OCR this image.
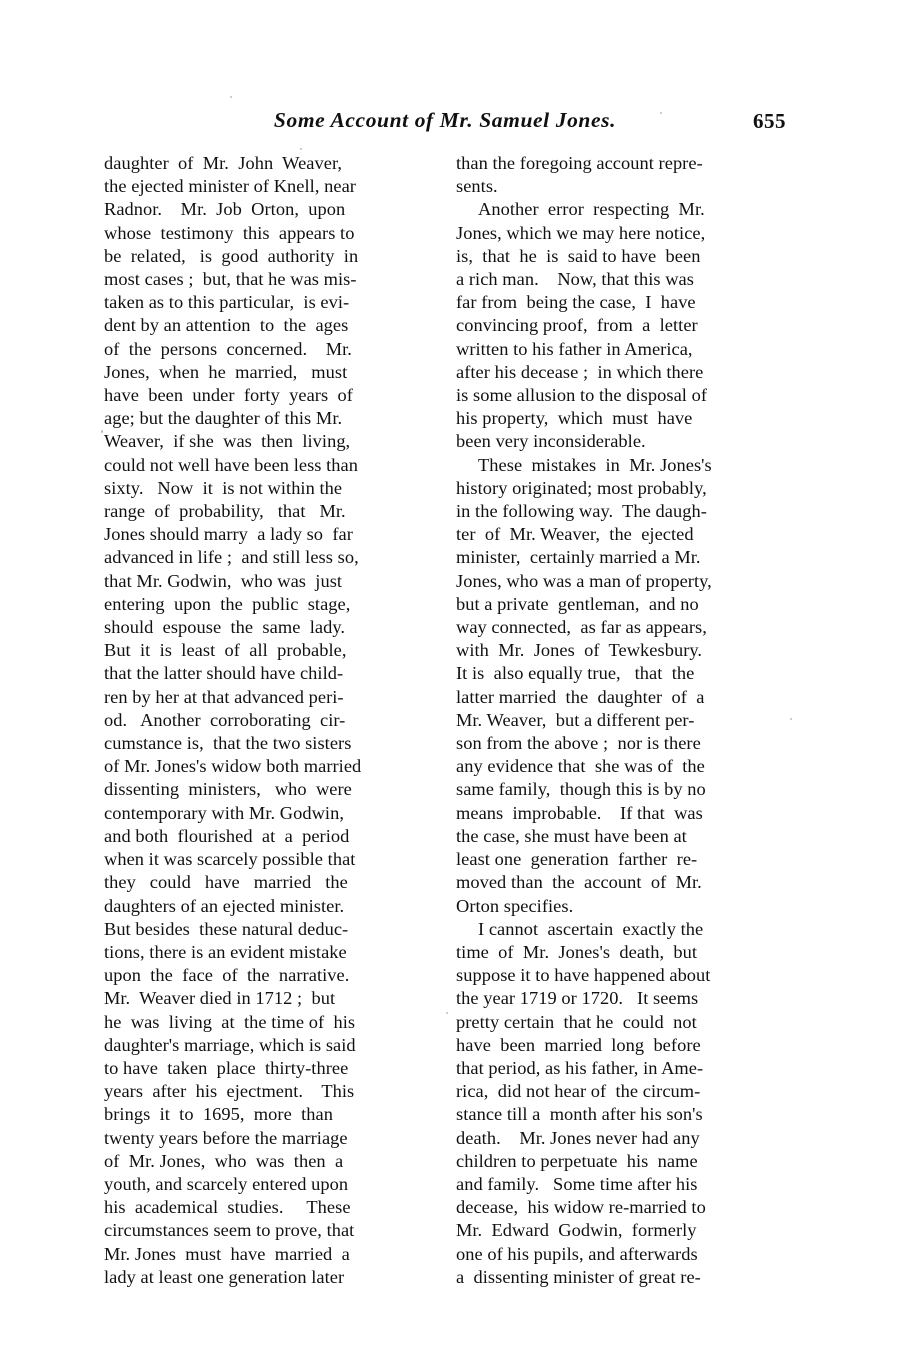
Some Account of Mr. Samuel Jones.	655
daughter  of  Mr.  John  Weaver,
the ejected minister of Knell, near
Radnor.    Mr.  Job  Orton,  upon
whose  testimony  this  appears to
be  related,   is  good  authority  in
most cases ;  but, that he was mis-
taken as to this particular,  is evi-
dent by an attention  to  the  ages
of  the  persons  concerned.    Mr.
Jones,  when  he  married,   must
have  been  under  forty  years  of
age; but the daughter of this Mr.
Weaver,  if she  was  then  living,
could not well have been less than
sixty.   Now  it  is not within the
range  of  probability,   that   Mr.
Jones should marry  a lady so  far
advanced in life ;  and still less so,
that Mr. Godwin,  who was  just
entering  upon  the  public  stage,
should  espouse  the  same  lady.
But  it  is  least  of  all  probable,
that the latter should have child-
ren by her at that advanced peri-
od.   Another  corroborating  cir-
cumstance is,  that the two sisters
of Mr. Jones's widow both married
dissenting  ministers,   who  were
contemporary with Mr. Godwin,
and both  flourished  at  a  period
when it was scarcely possible that
they   could   have   married   the
daughters of an ejected minister.
But besides  these natural deduc-
tions, there is an evident mistake
upon  the  face  of  the  narrative.
Mr.  Weaver died in 1712 ;  but
he  was  living  at  the time of  his
daughter's marriage, which is said
to have  taken  place  thirty-three
years  after  his  ejectment.    This
brings  it  to  1695,  more  than
twenty years before the marriage
of  Mr. Jones,  who  was  then  a
youth, and scarcely entered upon
his  academical  studies.     These
circumstances seem to prove, that
Mr. Jones  must  have  married  a
lady at least one generation later
than the foregoing account repre-
sents.
Another  error  respecting  Mr.
Jones, which we may here notice,
is,  that  he  is  said to have  been
a rich man.    Now, that this was
far from  being the case,  I  have
convincing proof,  from  a  letter
written to his father in America,
after his decease ;  in which there
is some allusion to the disposal of
his property,  which  must  have
been very inconsiderable.
These  mistakes  in  Mr. Jones's
history originated; most probably,
in the following way.  The daugh-
ter  of  Mr. Weaver,  the  ejected
minister,  certainly married a Mr.
Jones, who was a man of property,
but a private  gentleman,  and no
way connected,  as far as appears,
with  Mr.  Jones  of  Tewkesbury.
It is  also equally true,   that  the
latter married  the  daughter  of  a
Mr. Weaver,  but a different per-
son from the above ;  nor is there
any evidence that  she was of  the
same family,  though this is by no
means  improbable.    If that  was
the case, she must have been at
least one  generation  farther  re-
moved than  the  account  of  Mr.
Orton specifies.
I cannot  ascertain  exactly the
time  of  Mr.  Jones's  death,  but
suppose it to have happened about
the year 1719 or 1720.   It seems
pretty certain  that he  could  not
have  been  married  long  before
that period, as his father, in Ame-
rica,  did not hear of  the circum-
stance till a  month after his son's
death.    Mr. Jones never had any
children to perpetuate  his  name
and family.   Some time after his
decease,  his widow re-married to
Mr.  Edward  Godwin,  formerly
one of his pupils, and afterwards
a  dissenting minister of great re-
